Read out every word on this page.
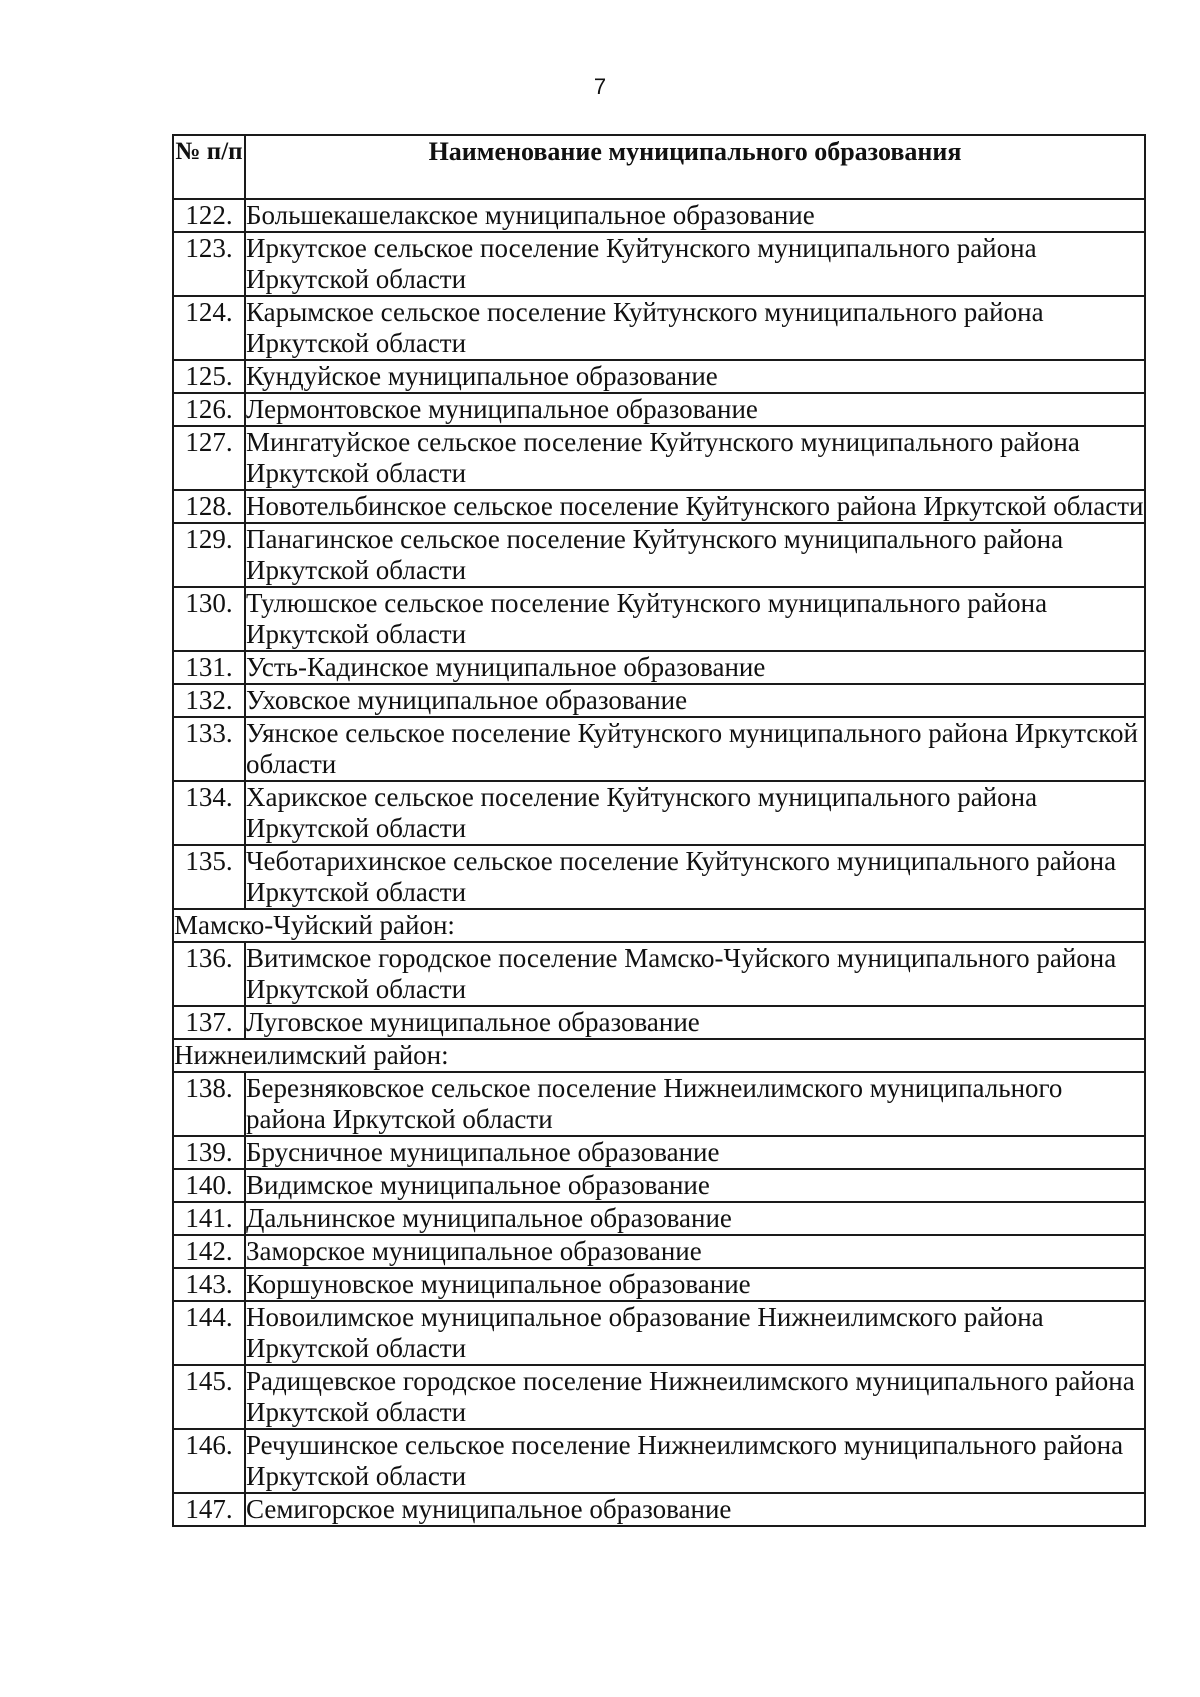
7
№ п/п	Наименование муниципального образования
122.	Большекашелакское муниципальное образование
123.	Иркутское сельское поселение Куйтунского муниципального района Иркутской области
124.	Карымское сельское поселение Куйтунского муниципального района Иркутской области
125.	Кундуйское муниципальное образование
126.	Лермонтовское муниципальное образование
127.	Мингатуйское сельское поселение Куйтунского муниципального района Иркутской области
128.	Новотельбинское сельское поселение Куйтунского района Иркутской области
129.	Панагинское сельское поселение Куйтунского муниципального района Иркутской области
130.	Тулюшское сельское поселение Куйтунского муниципального района Иркутской области
131.	Усть-Кадинское муниципальное образование
132.	Уховское муниципальное образование
133.	Уянское сельское поселение Куйтунского муниципального района Иркутской области
134.	Харикское сельское поселение Куйтунского муниципального района Иркутской области
135.	Чеботарихинское сельское поселение Куйтунского муниципального района Иркутской области
Мамско-Чуйский район:	
136.	Витимское городское поселение Мамско-Чуйского муниципального района Иркутской области
137.	Луговское муниципальное образование
Нижнеилимский район:	
138.	Березняковское сельское поселение Нижнеилимского муниципального района Иркутской области
139.	Брусничное муниципальное образование
140.	Видимское муниципальное образование
141.	Дальнинское муниципальное образование
142.	Заморское муниципальное образование
143.	Коршуновское муниципальное образование
144.	Новоилимское муниципальное образование Нижнеилимского района Иркутской области
145.	Радищевское городское поселение Нижнеилимского муниципального района Иркутской области
146.	Речушинское сельское поселение Нижнеилимского муниципального района Иркутской области
147.	Семигорское муниципальное образование
